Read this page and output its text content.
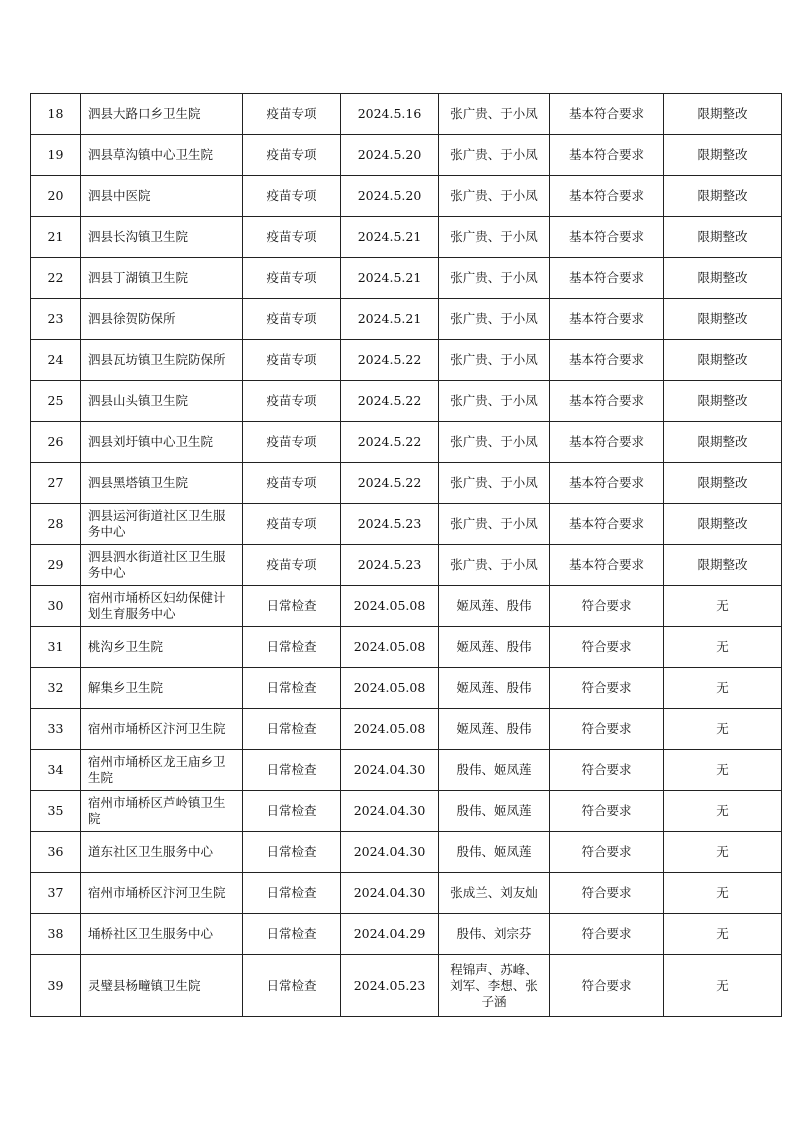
18	泗县大路口乡卫生院	疫苗专项	2024.5.16	张广贵、于小凤	基本符合要求	限期整改
19	泗县草沟镇中心卫生院	疫苗专项	2024.5.20	张广贵、于小凤	基本符合要求	限期整改
20	泗县中医院	疫苗专项	2024.5.20	张广贵、于小凤	基本符合要求	限期整改
21	泗县长沟镇卫生院	疫苗专项	2024.5.21	张广贵、于小凤	基本符合要求	限期整改
22	泗县丁湖镇卫生院	疫苗专项	2024.5.21	张广贵、于小凤	基本符合要求	限期整改
23	泗县徐贺防保所	疫苗专项	2024.5.21	张广贵、于小凤	基本符合要求	限期整改
24	泗县瓦坊镇卫生院防保所	疫苗专项	2024.5.22	张广贵、于小凤	基本符合要求	限期整改
25	泗县山头镇卫生院	疫苗专项	2024.5.22	张广贵、于小凤	基本符合要求	限期整改
26	泗县刘圩镇中心卫生院	疫苗专项	2024.5.22	张广贵、于小凤	基本符合要求	限期整改
27	泗县黑塔镇卫生院	疫苗专项	2024.5.22	张广贵、于小凤	基本符合要求	限期整改
28	泗县运河街道社区卫生服务中心	疫苗专项	2024.5.23	张广贵、于小凤	基本符合要求	限期整改
29	泗县泗水街道社区卫生服务中心	疫苗专项	2024.5.23	张广贵、于小凤	基本符合要求	限期整改
30	宿州市埇桥区妇幼保健计划生育服务中心	日常检查	2024.05.08	姬凤莲、殷伟	符合要求	无
31	桃沟乡卫生院	日常检查	2024.05.08	姬凤莲、殷伟	符合要求	无
32	解集乡卫生院	日常检查	2024.05.08	姬凤莲、殷伟	符合要求	无
33	宿州市埇桥区汴河卫生院	日常检查	2024.05.08	姬凤莲、殷伟	符合要求	无
34	宿州市埇桥区龙王庙乡卫生院	日常检查	2024.04.30	殷伟、姬凤莲	符合要求	无
35	宿州市埇桥区芦岭镇卫生院	日常检查	2024.04.30	殷伟、姬凤莲	符合要求	无
36	道东社区卫生服务中心	日常检查	2024.04.30	殷伟、姬凤莲	符合要求	无
37	宿州市埇桥区汴河卫生院	日常检查	2024.04.30	张成兰、刘友灿	符合要求	无
38	埇桥社区卫生服务中心	日常检查	2024.04.29	殷伟、刘宗芬	符合要求	无
39	灵璧县杨疃镇卫生院	日常检查	2024.05.23	程锦声、苏峰、刘军、李想、张子涵	符合要求	无
